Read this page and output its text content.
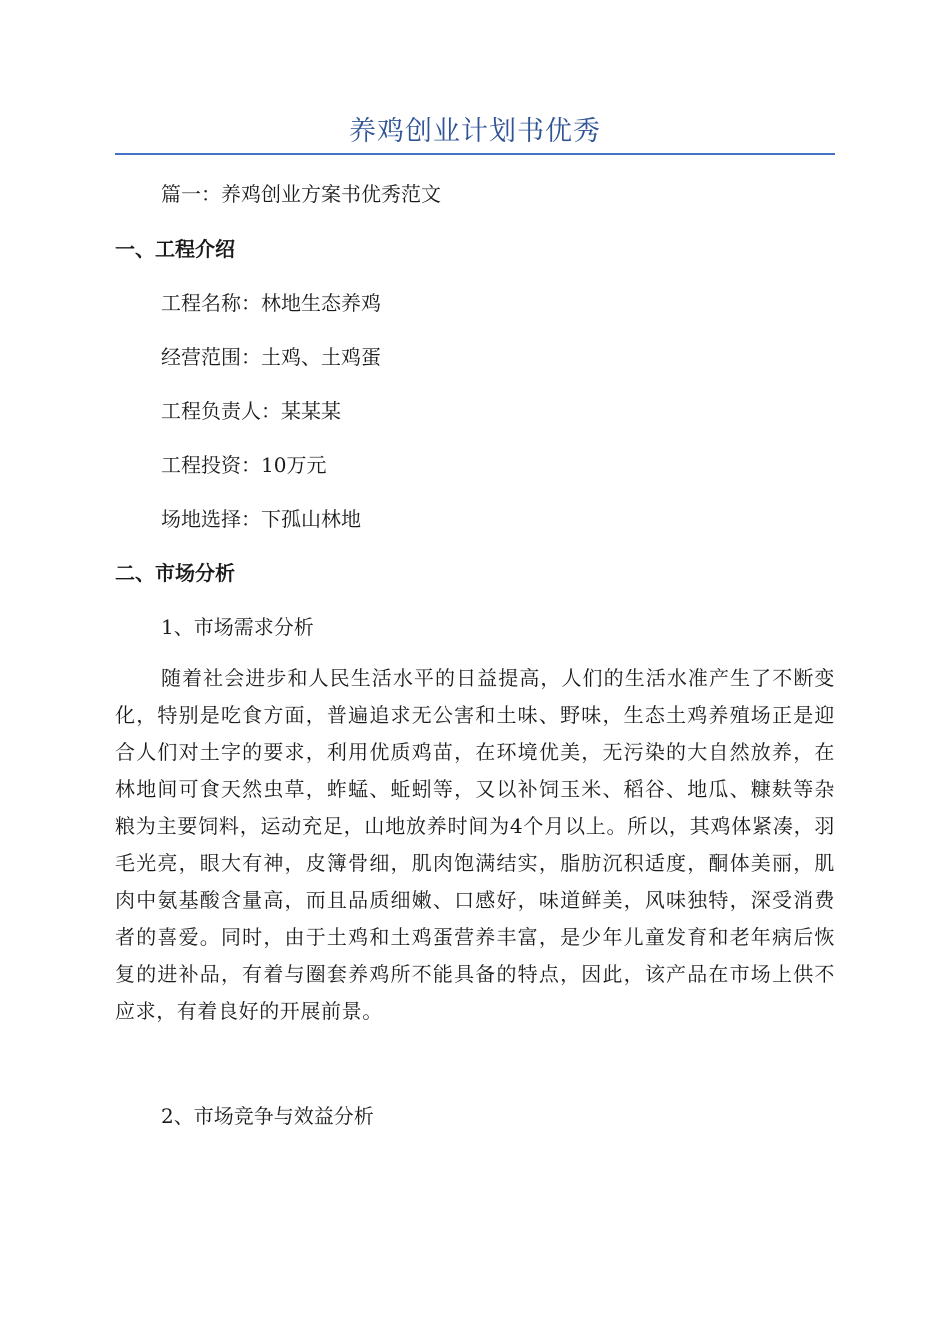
养鸡创业计划书优秀

篇一：养鸡创业方案书优秀范文

一、工程介绍

工程名称：林地生态养鸡

经营范围：土鸡、土鸡蛋

工程负责人：某某某

工程投资：10万元

场地选择：下孤山林地

二、市场分析

1、市场需求分析

随着社会进步和人民生活水平的日益提高，人们的生活水准产生了不断变化，特别是吃食方面，普遍追求无公害和土味、野味，生态土鸡养殖场正是迎合人们对土字的要求，利用优质鸡苗，在环境优美，无污染的大自然放养，在林地间可食天然虫草，蚱蜢、蚯蚓等，又以补饲玉米、稻谷、地瓜、糠麸等杂粮为主要饲料，运动充足，山地放养时间为4个月以上。所以，其鸡体紧凑，羽毛光亮，眼大有神，皮簿骨细，肌肉饱满结实，脂肪沉积适度，酮体美丽，肌肉中氨基酸含量高，而且品质细嫩、口感好，味道鲜美，风味独特，深受消费者的喜爱。同时，由于土鸡和土鸡蛋营养丰富，是少年儿童发育和老年病后恢复的进补品，有着与圈套养鸡所不能具备的特点，因此，该产品在市场上供不应求，有着良好的开展前景。

2、市场竞争与效益分析
